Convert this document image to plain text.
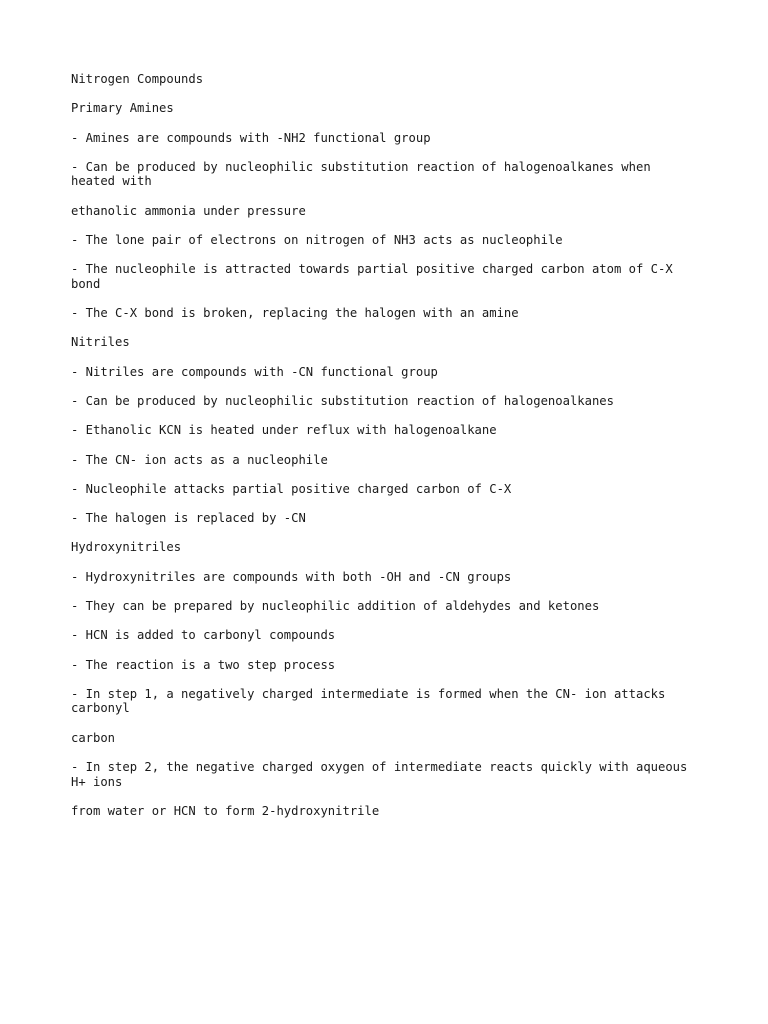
Nitrogen Compounds

Primary Amines

- Amines are compounds with -NH2 functional group

- Can be produced by nucleophilic substitution reaction of halogenoalkanes when heated with

ethanolic ammonia under pressure

- The lone pair of electrons on nitrogen of NH3 acts as nucleophile

- The nucleophile is attracted towards partial positive charged carbon atom of C-X bond

- The C-X bond is broken, replacing the halogen with an amine

Nitriles

- Nitriles are compounds with -CN functional group

- Can be produced by nucleophilic substitution reaction of halogenoalkanes

- Ethanolic KCN is heated under reflux with halogenoalkane

- The CN- ion acts as a nucleophile

- Nucleophile attacks partial positive charged carbon of C-X

- The halogen is replaced by -CN

Hydroxynitriles

- Hydroxynitriles are compounds with both -OH and -CN groups

- They can be prepared by nucleophilic addition of aldehydes and ketones

- HCN is added to carbonyl compounds

- The reaction is a two step process

- In step 1, a negatively charged intermediate is formed when the CN- ion attacks carbonyl

carbon

- In step 2, the negative charged oxygen of intermediate reacts quickly with aqueous H+ ions

from water or HCN to form 2-hydroxynitrile
